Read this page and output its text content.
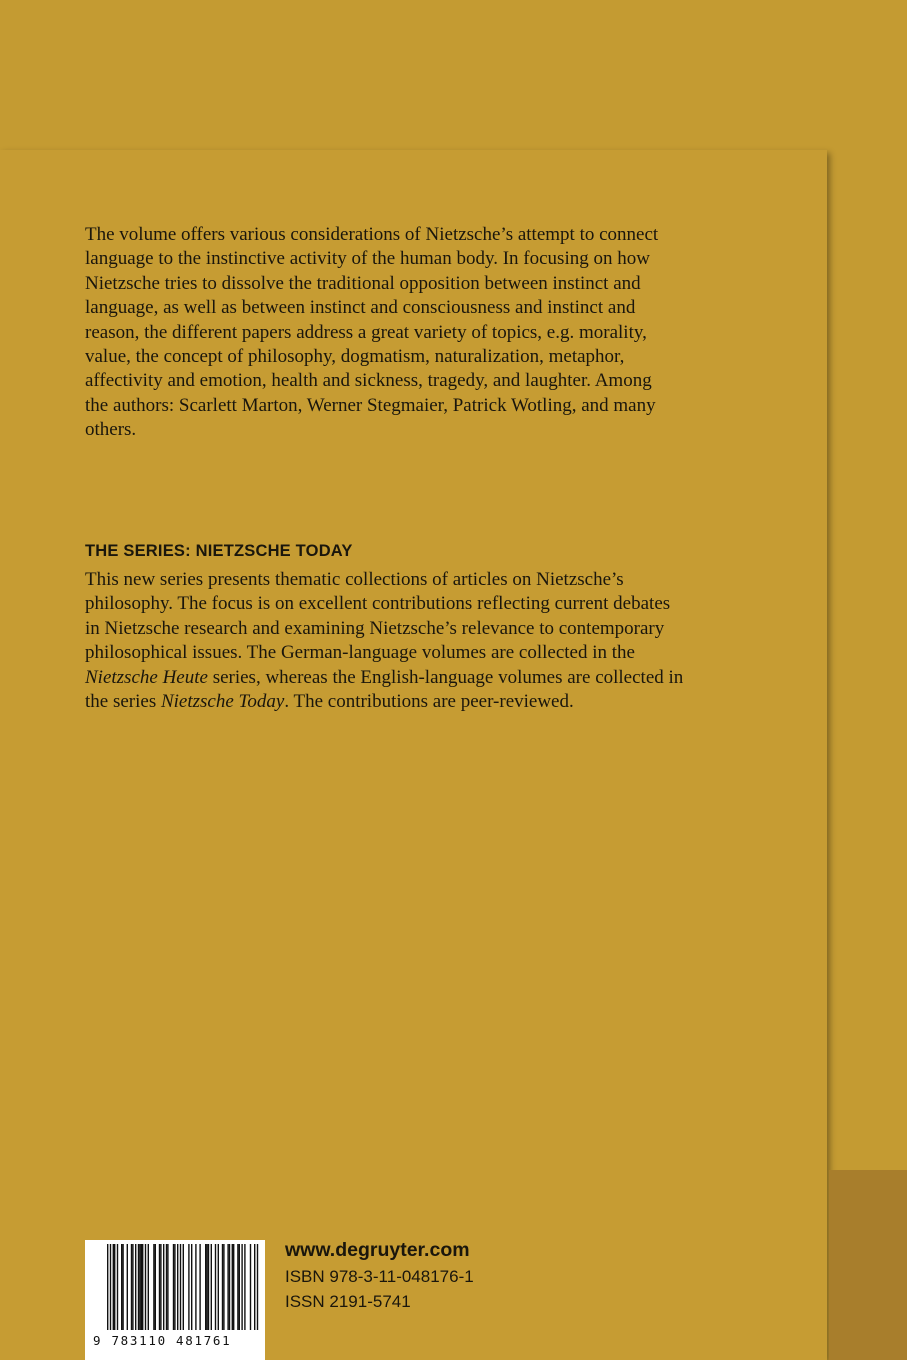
The volume offers various considerations of Nietzsche’s attempt to connect
language to the instinctive activity of the human body. In focusing on how
Nietzsche tries to dissolve the traditional opposition between instinct and
language, as well as between instinct and consciousness and instinct and
reason, the different papers address a great variety of topics, e.g. morality,
value, the concept of philosophy, dogmatism, naturalization, metaphor,
affectivity and emotion, health and sickness, tragedy, and laughter. Among
the authors: Scarlett Marton, Werner Stegmaier, Patrick Wotling, and many
others.
THE SERIES: NIETZSCHE TODAY
This new series presents thematic collections of articles on Nietzsche’s
philosophy. The focus is on excellent contributions reflecting current debates
in Nietzsche research and examining Nietzsche’s relevance to contemporary
philosophical issues. The German-language volumes are collected in the
Nietzsche Heute series, whereas the English-language volumes are collected in
the series Nietzsche Today. The contributions are peer-reviewed.
9 783110 481761
www.degruyter.com
ISBN 978-3-11-048176-1
ISSN 2191-5741
